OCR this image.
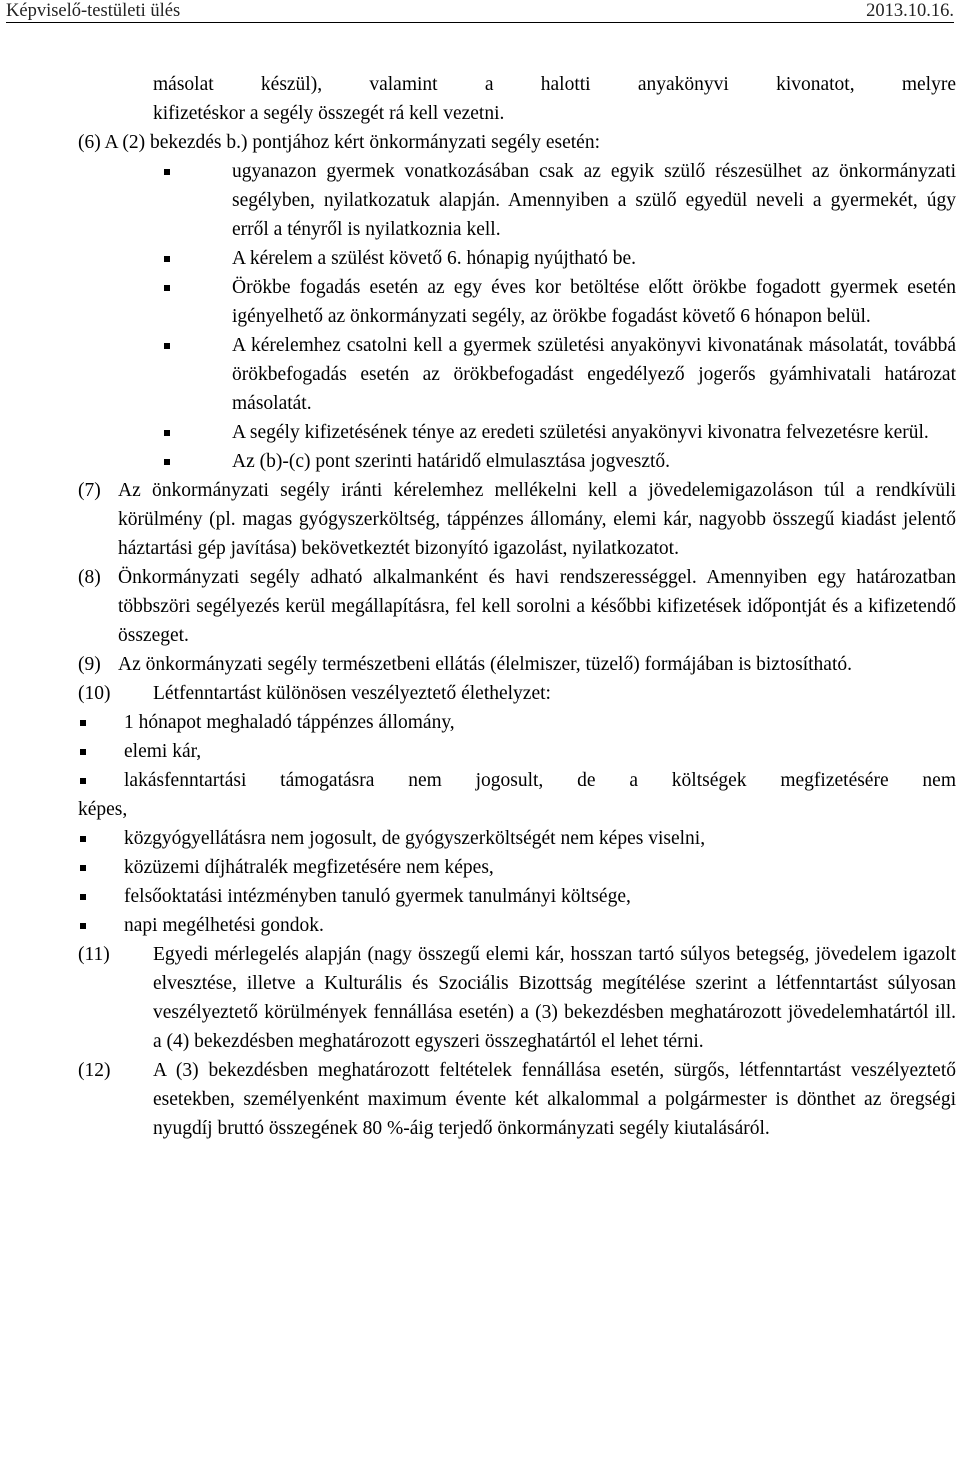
Képviselő-testületi ülés	2013.10.16.
másolat készül), valamint a halotti anyakönyvi kivonatot, melyre
kifizetéskor a segély összegét rá kell vezetni.
(6) A (2) bekezdés b.) pontjához kért önkormányzati segély esetén:
ugyanazon gyermek vonatkozásában csak az egyik szülő részesülhet az önkormányzati segélyben, nyilatkozatuk alapján. Amennyiben a szülő egyedül neveli a gyermekét, úgy erről a tényről is nyilatkoznia kell.
A kérelem a szülést követő 6. hónapig nyújtható be.
Örökbe fogadás esetén az egy éves kor betöltése előtt örökbe fogadott gyermek esetén igényelhető az önkormányzati segély, az örökbe fogadást követő 6 hónapon belül.
A kérelemhez csatolni kell a gyermek születési anyakönyvi kivonatának másolatát, továbbá örökbefogadás esetén az örökbefogadást engedélyező jogerős gyámhivatali határozat másolatát.
A segély kifizetésének ténye az eredeti születési anyakönyvi kivonatra felvezetésre kerül.
Az (b)-(c) pont szerinti határidő elmulasztása jogvesztő.
(7) Az önkormányzati segély iránti kérelemhez mellékelni kell a jövedelemigazoláson túl a rendkívüli körülmény (pl. magas gyógyszerköltség, táppénzes állomány, elemi kár, nagyobb összegű kiadást jelentő háztartási gép javítása) bekövetkeztét bizonyító igazolást, nyilatkozatot.
(8) Önkormányzati segély adható alkalmanként és havi rendszerességgel. Amennyiben egy határozatban többszöri segélyezés kerül megállapításra, fel kell sorolni a későbbi kifizetések időpontját és a kifizetendő összeget.
(9) Az önkormányzati segély természetbeni ellátás (élelmiszer, tüzelő) formájában is biztosítható.
(10)	Létfenntartást különösen veszélyeztető élethelyzet:
1 hónapot meghaladó táppénzes állomány,
elemi kár,
lakásfenntartási támogatásra nem jogosult, de a költségek megfizetésére nem
képes,
közgyógyellátásra nem jogosult, de gyógyszerköltségét nem képes viselni,
közüzemi díjhátralék megfizetésére nem képes,
felsőoktatási intézményben tanuló gyermek tanulmányi költsége,
napi megélhetési gondok.
(11)	Egyedi mérlegelés alapján (nagy összegű elemi kár, hosszan tartó súlyos betegség, jövedelem igazolt elvesztése, illetve a Kulturális és Szociális Bizottság megítélése szerint a létfenntartást súlyosan veszélyeztető körülmények fennállása esetén) a (3) bekezdésben meghatározott jövedelemhatártól ill. a (4) bekezdésben meghatározott egyszeri összeghatártól el lehet térni.
(12)	A (3) bekezdésben meghatározott feltételek fennállása esetén, sürgős, létfenntartást veszélyeztető esetekben, személyenként maximum évente két alkalommal a polgármester is dönthet az öregségi nyugdíj bruttó összegének 80 %-áig terjedő önkormányzati segély kiutalásáról.
